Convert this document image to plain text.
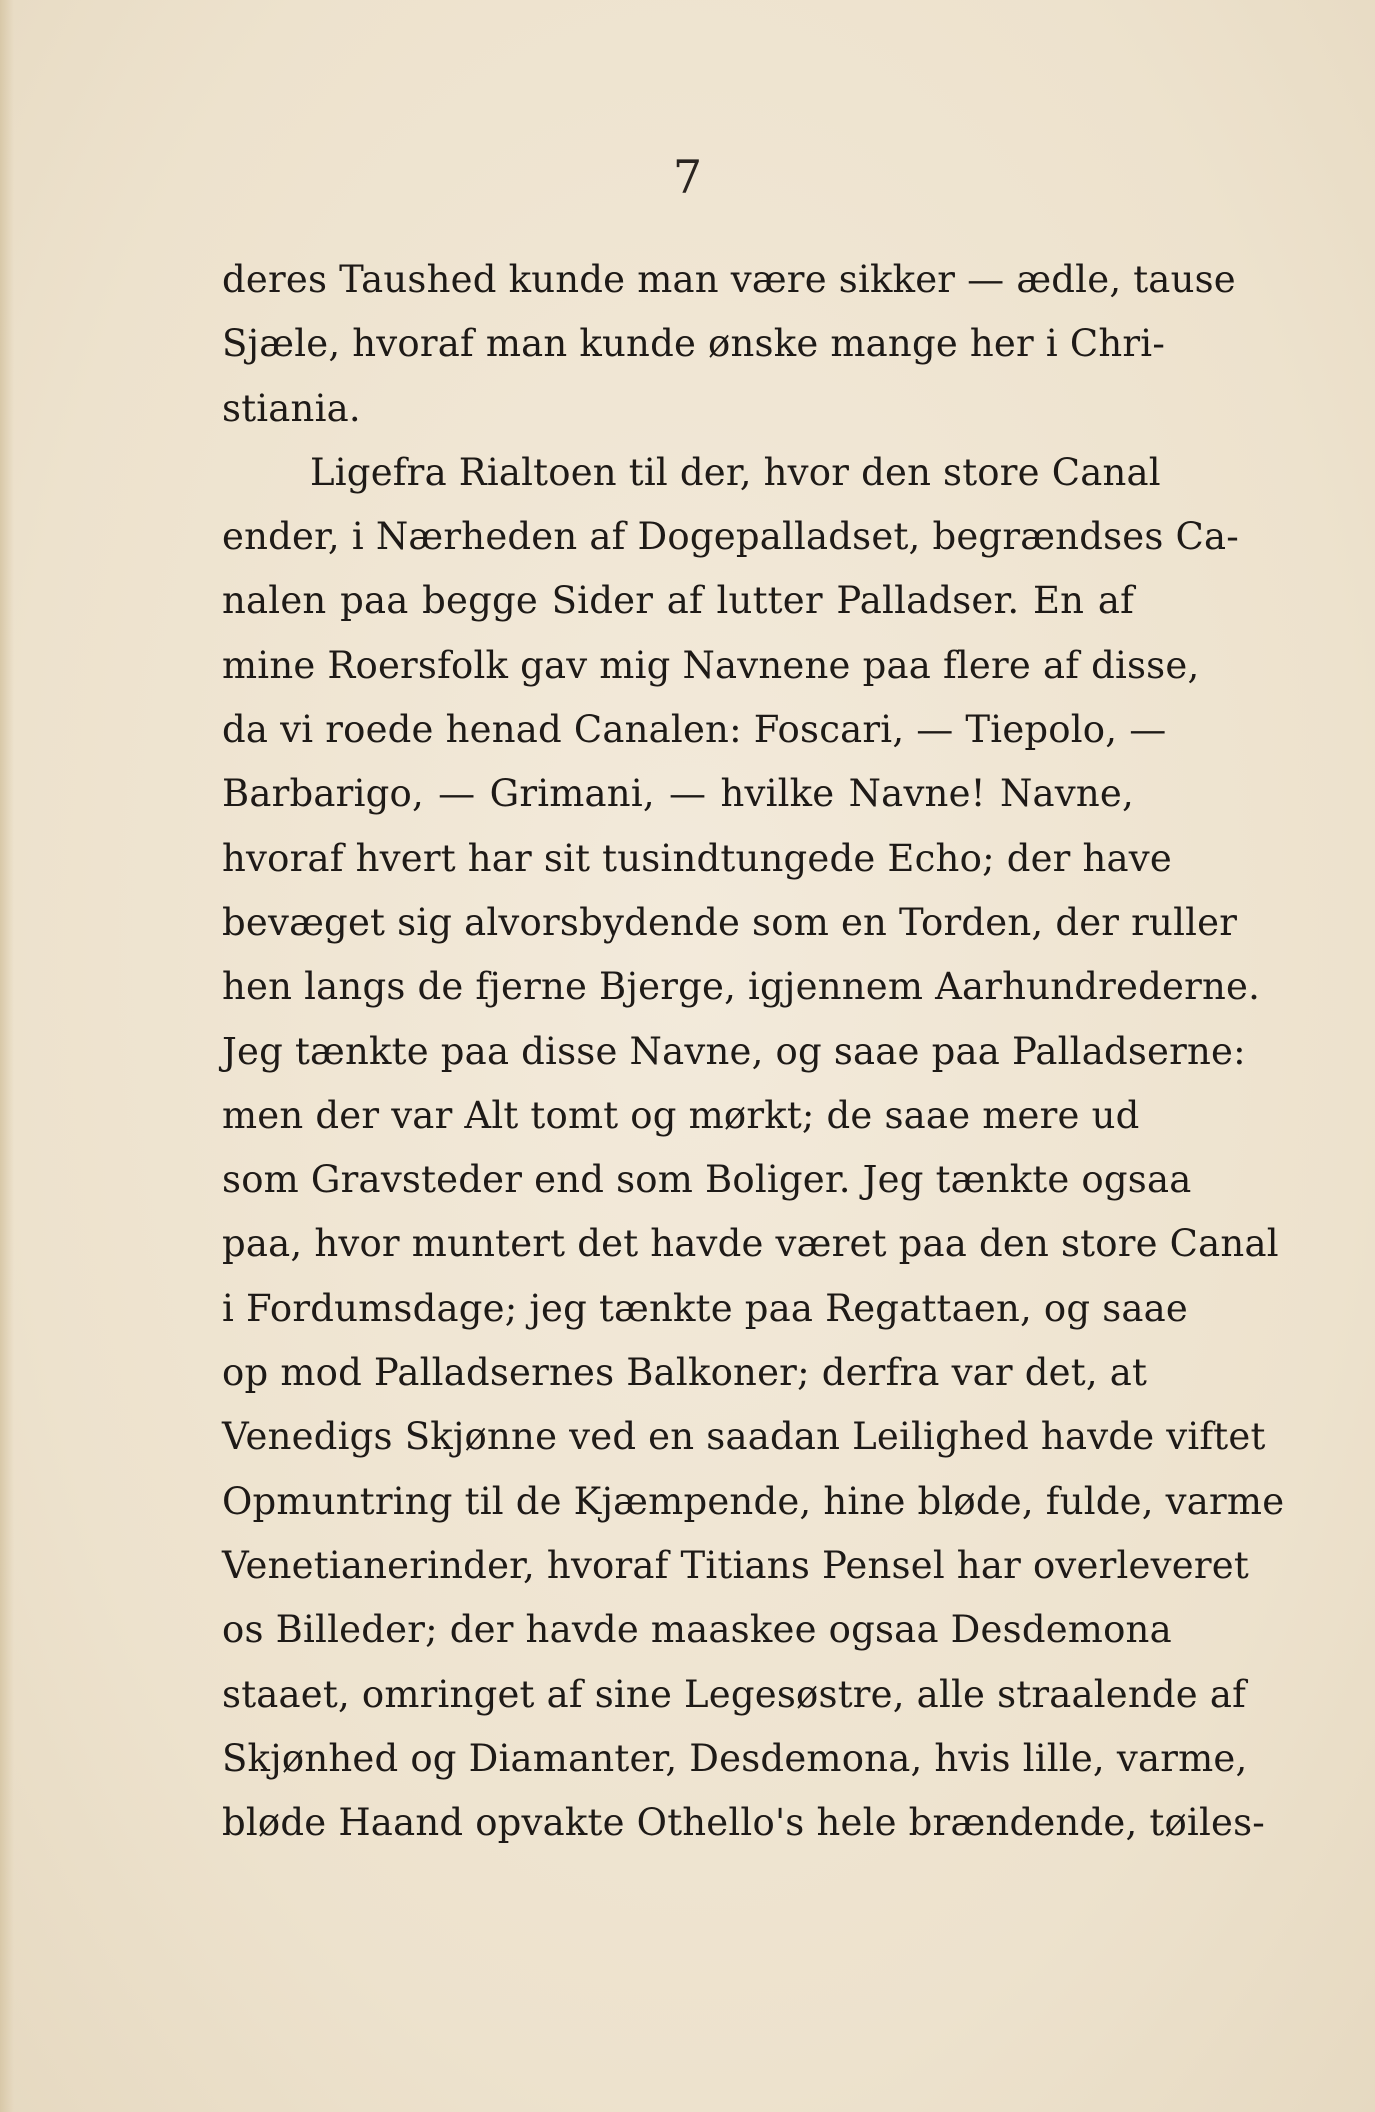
7
deres Taushed kunde man være sikker — ædle, tause
Sjæle, hvoraf man kunde ønske mange her i Chri-
stiania.
Ligefra Rialtoen til der, hvor den store Canal
ender, i Nærheden af Dogepalladset, begrændses Ca-
nalen paa begge Sider af lutter Palladser. En af
mine Roersfolk gav mig Navnene paa flere af disse,
da vi roede henad Canalen: Foscari, — Tiepolo, —
Barbarigo, — Grimani, — hvilke Navne! Navne,
hvoraf hvert har sit tusindtungede Echo; der have
bevæget sig alvorsbydende som en Torden, der ruller
hen langs de fjerne Bjerge, igjennem Aarhundrederne.
Jeg tænkte paa disse Navne, og saae paa Palladserne:
men der var Alt tomt og mørkt; de saae mere ud
som Gravsteder end som Boliger. Jeg tænkte ogsaa
paa, hvor muntert det havde været paa den store Canal
i Fordumsdage; jeg tænkte paa Regattaen, og saae
op mod Palladsernes Balkoner; derfra var det, at
Venedigs Skjønne ved en saadan Leilighed havde viftet
Opmuntring til de Kjæmpende, hine bløde, fulde, varme
Venetianerinder, hvoraf Titians Pensel har overleveret
os Billeder; der havde maaskee ogsaa Desdemona
staaet, omringet af sine Legesøstre, alle straalende af
Skjønhed og Diamanter, Desdemona, hvis lille, varme,
bløde Haand opvakte Othello's hele brændende, tøiles-
